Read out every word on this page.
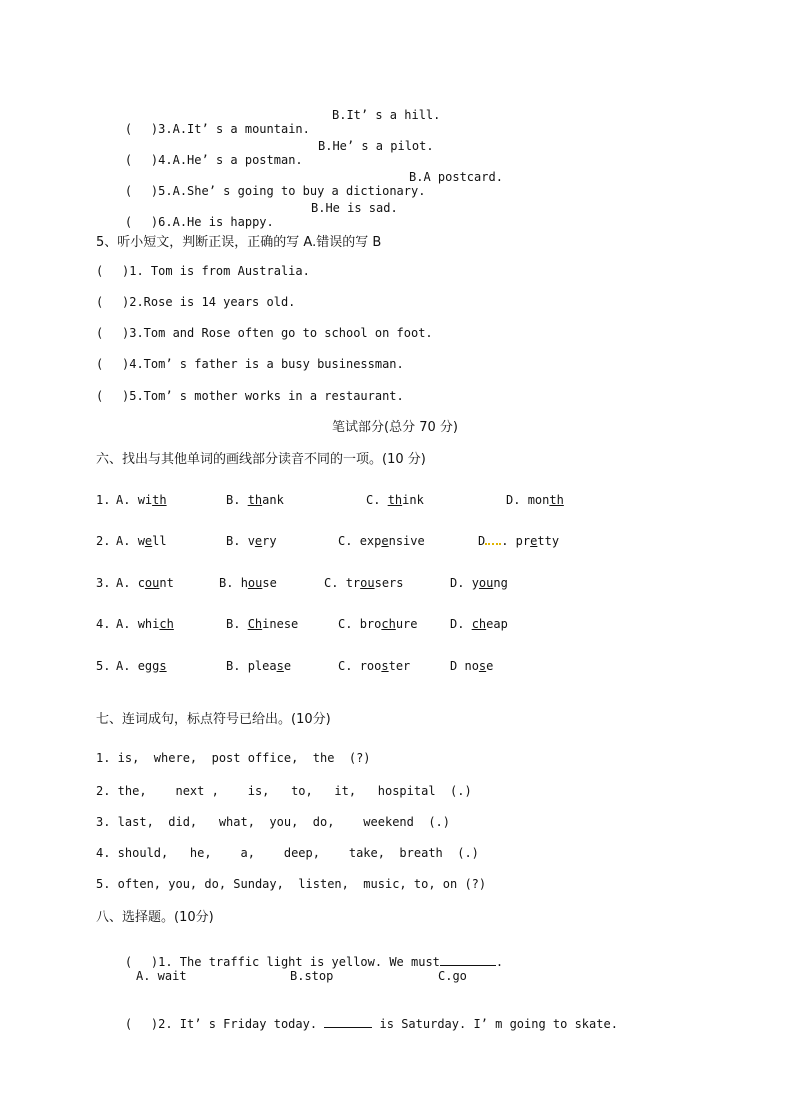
( )3.A.It’ s a mountain.
B.It’ s a hill.

( )4.A.He’ s a postman.
B.He’ s a pilot.

( )5.A.She’ s going to buy a dictionary.
B.A postcard.

( )6.A.He is happy.
B.He is sad.

5、听小短文，判断正误，正确的写 A.错误的写 B
( )1. Tom is from Australia.
( )2.Rose is 14 years old.
( )3.Tom and Rose often go to school on foot.
( )4.Tom’ s father is a busy businessman.
( )5.Tom’ s mother works in a restaurant.
笔试部分(总分 70 分)
六、找出与其他单词的画线部分读音不同的一项。(10 分)
1. A. with	B. thank	C. think	D. month
2. A. well	B. very	C. expensive	D . pretty
3. A. count	B. house	C. trousers	D. young
4. A. which	B. Chinese	C. brochure	D. cheap
5. A. eggs	B. please	C. rooster	D nose
七、连词成句，标点符号已给出。(10分)
1. is,  where,  post office,  the  (?)
2. the,    next ,    is,   to,   it,   hospital  (.)
3. last,  did,   what,  you,  do,    weekend  (.)
4. should,   he,    a,    deep,    take,  breath  (.)
5. often, you, do, Sunday,  listen,  music, to, on (?)
八、选择题。(10分)

( )1. The traffic light is yellow. We must	.

A. wait

	B.stop

	C.go

( )2. It’ s Friday today.	is Saturday. I’ m going to skate.
